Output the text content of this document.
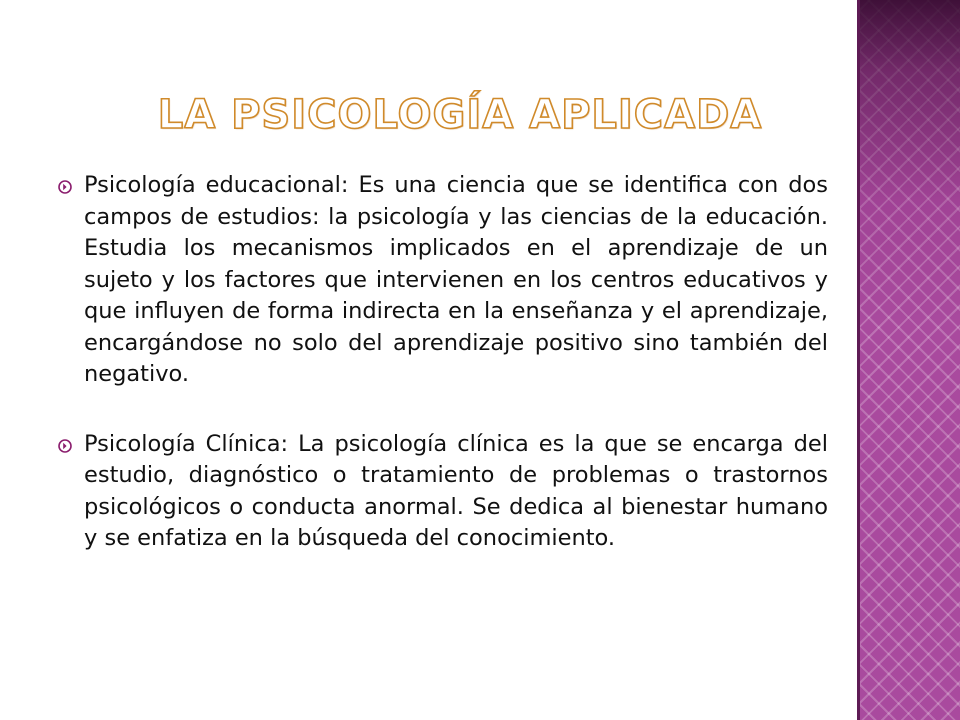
LA PSICOLOGÍA APLICADA

Psicología educacional: Es una ciencia que se identifica con dos campos de estudios: la psicología y las ciencias de la educación. Estudia los mecanismos implicados en el aprendizaje de un sujeto y los factores que intervienen en los centros educativos y que influyen de forma indirecta en la enseñanza y el aprendizaje, encargándose no solo del aprendizaje positivo sino también del negativo.

Psicología Clínica: La psicología clínica es la que se encarga del estudio, diagnóstico o tratamiento de problemas o trastornos psicológicos o conducta anormal. Se dedica al bienestar humano y se enfatiza en la búsqueda del conocimiento.
